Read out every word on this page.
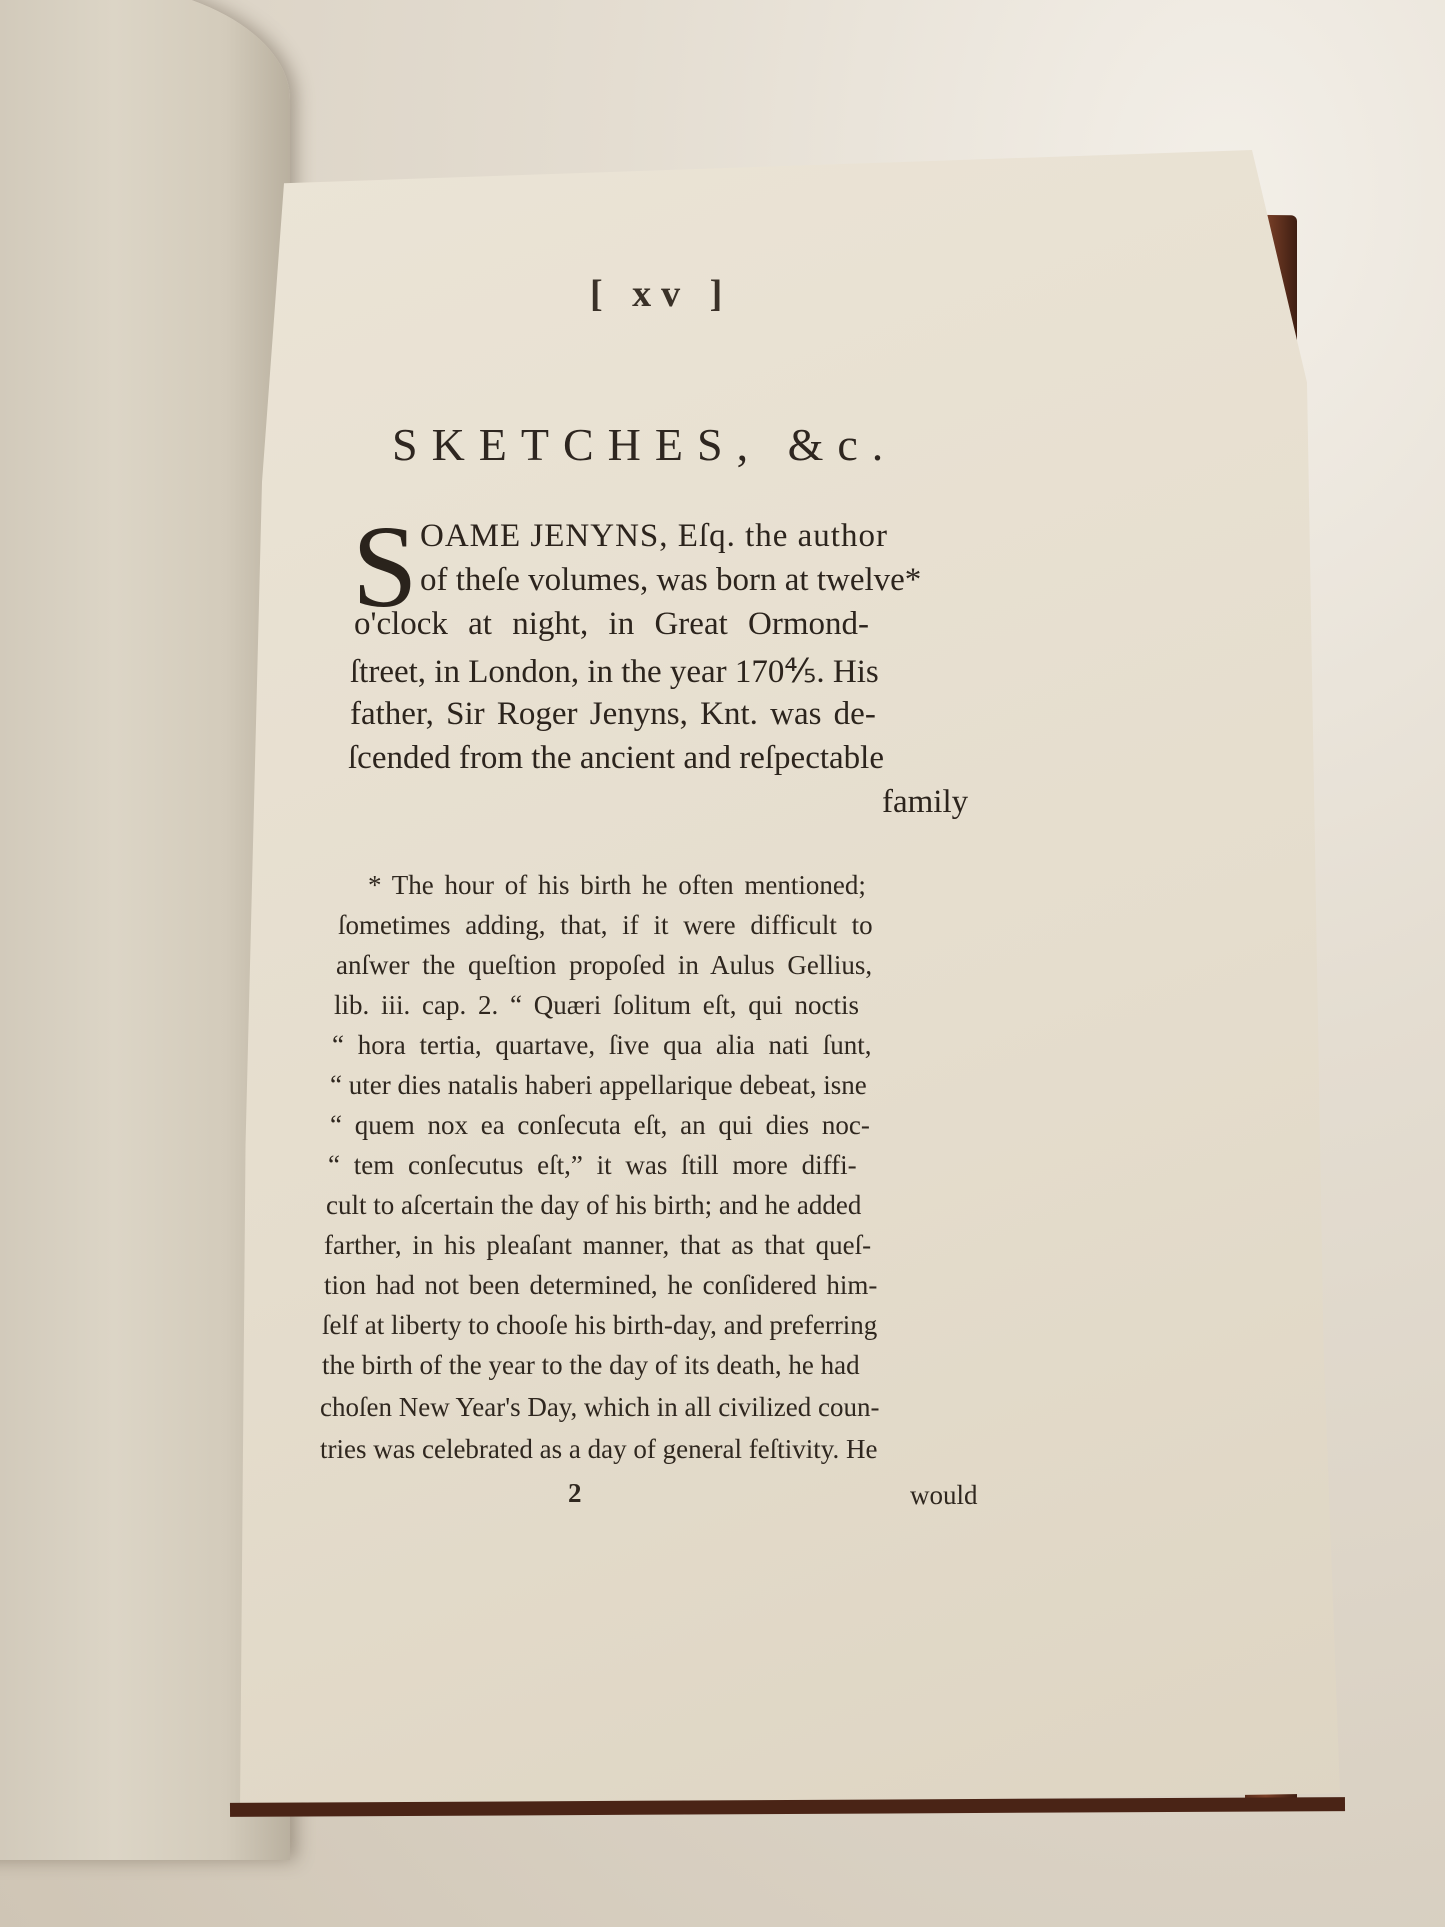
[ xv ]
SKETCHES, &c.
S OAME JENYNS, Eſq. the author
of theſe volumes, was born at twelve*
o'clock at night, in Great Ormond-
ſtreet, in London, in the year 170⅘. His
father, Sir Roger Jenyns, Knt. was de-
ſcended from the ancient and reſpectable
family
* The hour of his birth he often mentioned;
ſometimes adding, that, if it were difficult to
anſwer the queſtion propoſed in Aulus Gellius,
lib. iii. cap. 2. “ Quæri ſolitum eſt, qui noctis
“ hora tertia, quartave, ſive qua alia nati ſunt,
“ uter dies natalis haberi appellarique debeat, isne
“ quem nox ea conſecuta eſt, an qui dies noc-
“ tem conſecutus eſt,” it was ſtill more diffi-
cult to aſcertain the day of his birth; and he added
farther, in his pleaſant manner, that as that queſ-
tion had not been determined, he conſidered him-
ſelf at liberty to chooſe his birth-day, and preferring
the birth of the year to the day of its death, he had
choſen New Year's Day, which in all civilized coun-
tries was celebrated as a day of general feſtivity. He
2	would
